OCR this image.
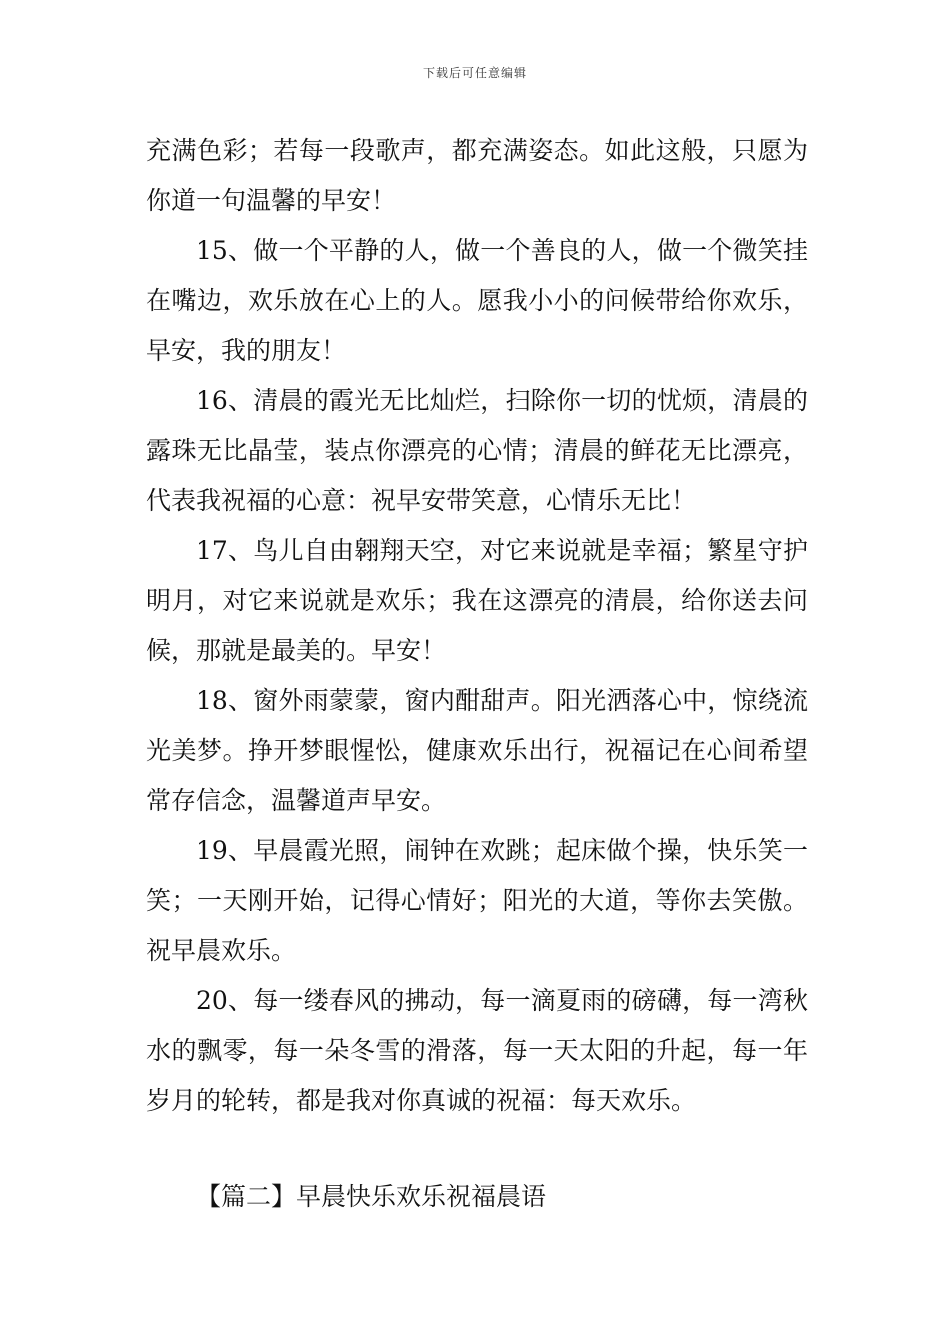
下载后可任意编辑

充满色彩；若每一段歌声，都充满姿态。如此这般，只愿为你道一句温馨的早安！

15、做一个平静的人，做一个善良的人，做一个微笑挂在嘴边，欢乐放在心上的人。愿我小小的问候带给你欢乐，早安，我的朋友！

16、清晨的霞光无比灿烂，扫除你一切的忧烦，清晨的露珠无比晶莹，装点你漂亮的心情；清晨的鲜花无比漂亮，代表我祝福的心意：祝早安带笑意，心情乐无比！

17、鸟儿自由翱翔天空，对它来说就是幸福；繁星守护明月，对它来说就是欢乐；我在这漂亮的清晨，给你送去问候，那就是最美的。早安！

18、窗外雨蒙蒙，窗内酣甜声。阳光洒落心中，惊绕流光美梦。挣开梦眼惺忪，健康欢乐出行，祝福记在心间希望常存信念，温馨道声早安。

19、早晨霞光照，闹钟在欢跳；起床做个操，快乐笑一笑；一天刚开始，记得心情好；阳光的大道，等你去笑傲。祝早晨欢乐。

20、每一缕春风的拂动，每一滴夏雨的磅礴，每一湾秋水的飘零，每一朵冬雪的滑落，每一天太阳的升起，每一年岁月的轮转，都是我对你真诚的祝福：每天欢乐。

【篇二】早晨快乐欢乐祝福晨语
